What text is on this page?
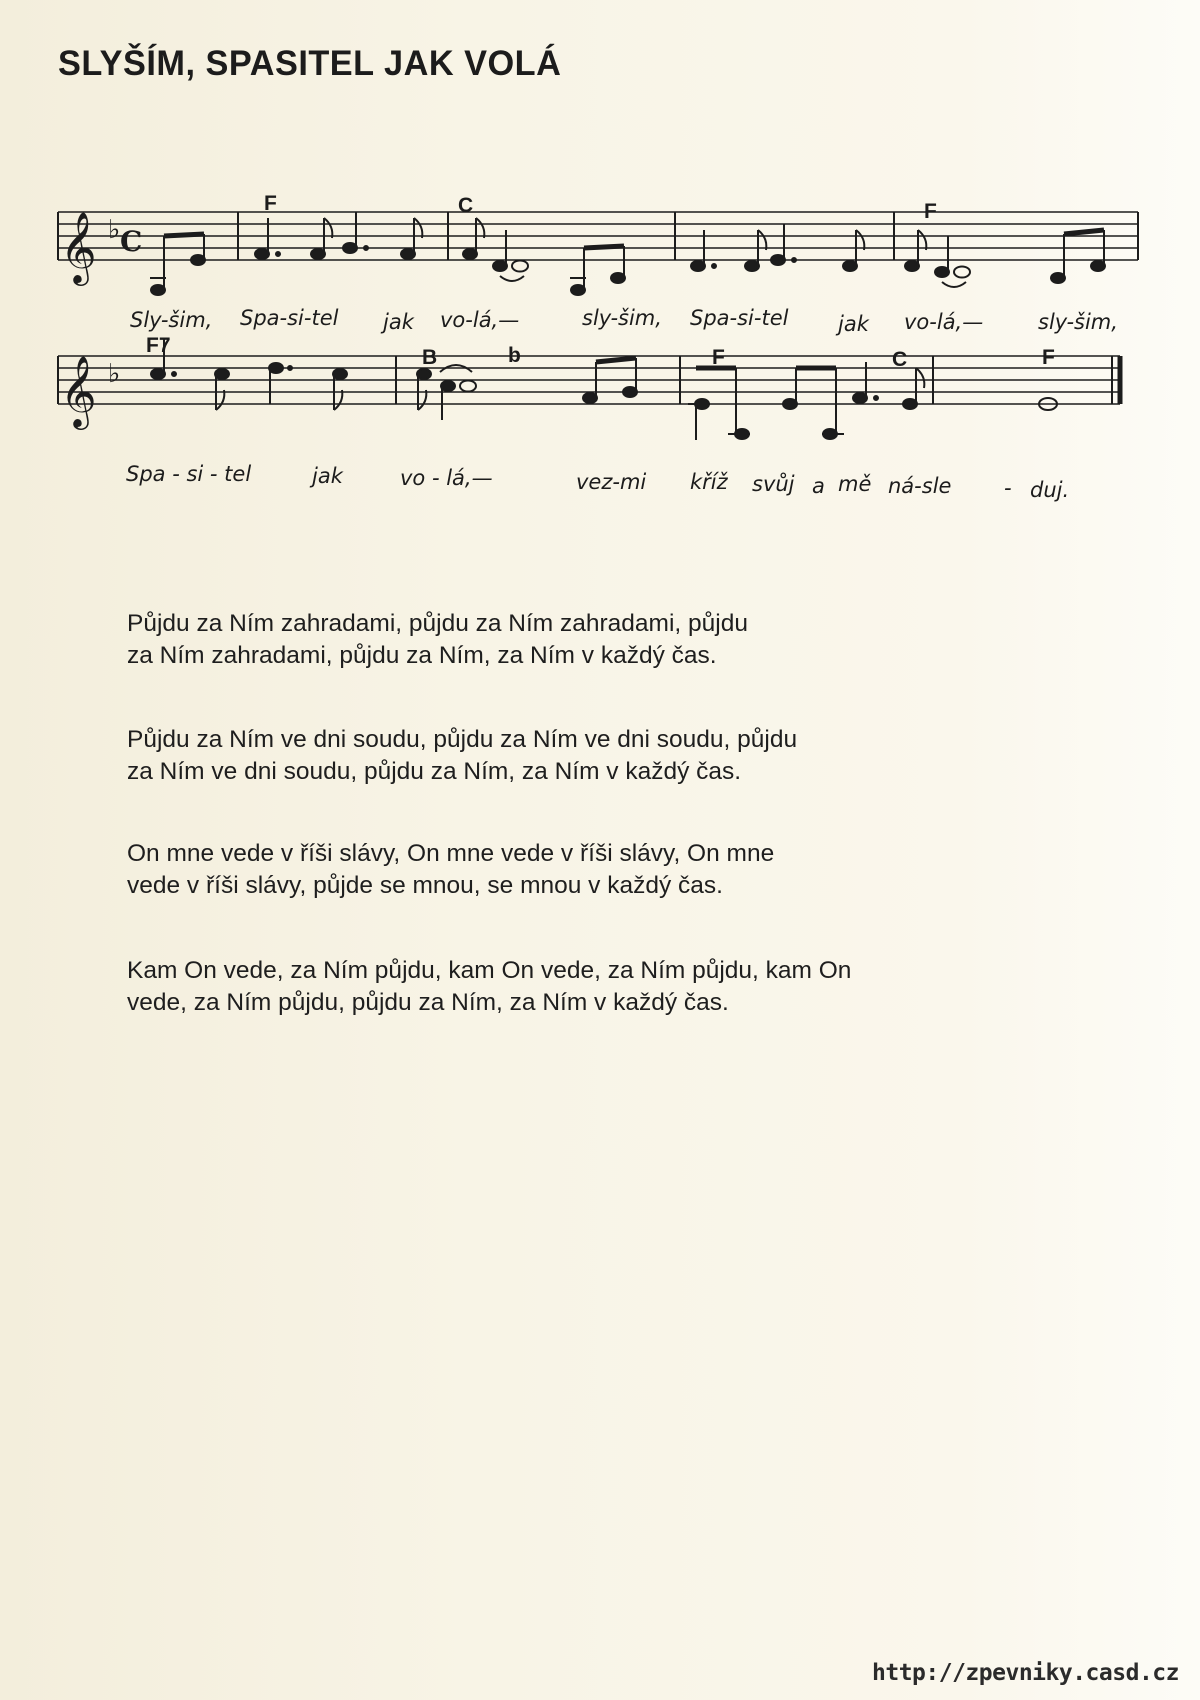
SLYŠÍM, SPASITEL JAK VOLÁ
𝄞 ♭ C
𝄞 ♭
F	C	F
Sly-šim, Spa-si-tel jak vo-lá,—	sly-šim, Spa-si-tel jak vo-lá,—	sly-šim,
F7
B	b	F	C	F
Spa - si - tel	jak	vo - lá,—	vez-mi kříž svůj a mě ná-sle	- duj.
Půjdu za Ním zahradami, půjdu za Ním zahradami, půjdu
za Ním zahradami, půjdu za Ním, za Ním v každý čas.
Půjdu za Ním ve dni soudu, půjdu za Ním ve dni soudu, půjdu
za Ním ve dni soudu, půjdu za Ním, za Ním v každý čas.
On mne vede v říši slávy, On mne vede v říši slávy, On mne
vede v říši slávy, půjde se mnou, se mnou v každý čas.
Kam On vede, za Ním půjdu, kam On vede, za Ním půjdu, kam On
vede, za Ním půjdu, půjdu za Ním, za Ním v každý čas.
http://zpevniky.casd.cz
